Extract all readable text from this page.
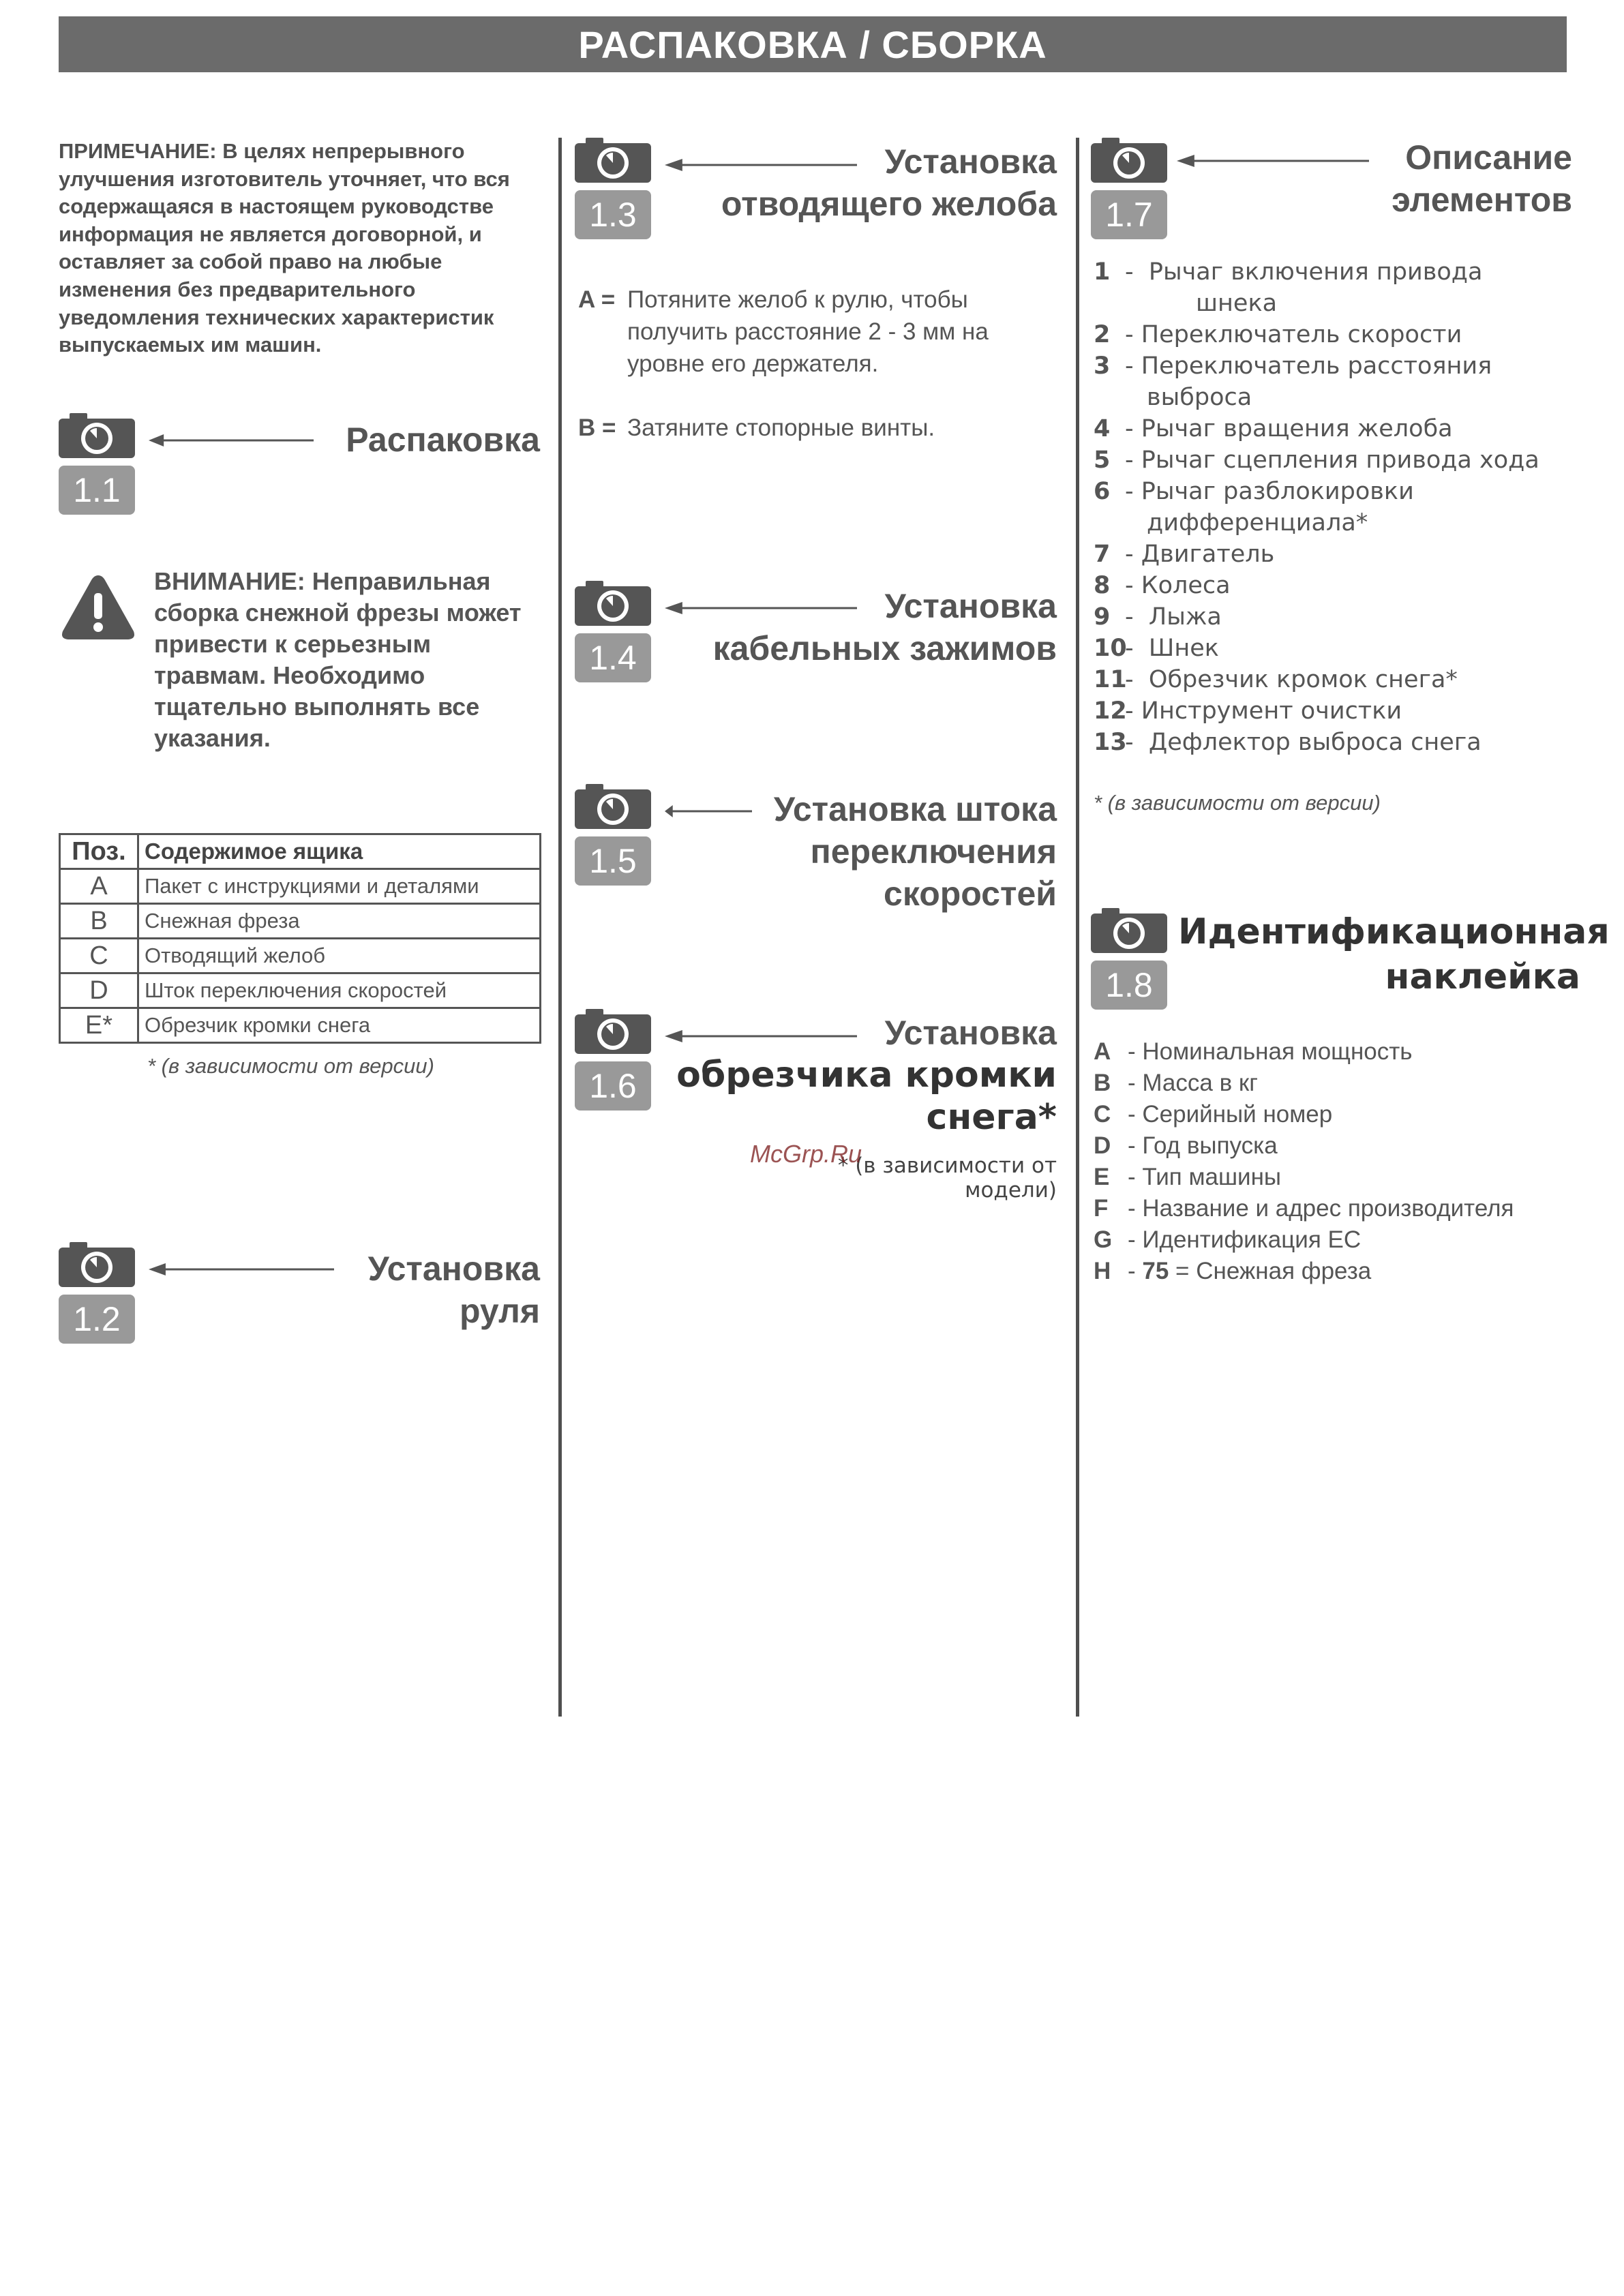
РАСПАКОВКА / СБОРКА
ПРИМЕЧАНИЕ: В целях непрерывного улучшения изготовитель уточняет, что вся содержащаяся в настоящем руководстве информация не является договорной, и оставляет за собой право на любые изменения без предварительного уведомления технических характеристик выпускаемых им машин.
1.1
Распаковка
ВНИМАНИЕ: Неправильная сборка снежной фрезы может привести к серьезным травмам. Необходимо тщательно выполнять все указания.
Поз.	Содержимое ящика
A	Пакет с инструкциями и деталями
B	Снежная фреза
C	Отводящий желоб
D	Шток переключения скоростей
E*	Обрезчик кромки снега
* (в зависимости от версии)
1.2
Установка
руля
1.3
Установка
отводящего желоба
A = Потяните желоб к рулю, чтобы получить расстояние 2 - 3 мм на уровне его держателя.
B = Затяните стопорные винты.
1.4
Установка
кабельных зажимов
1.5
Установка штока
переключения
скоростей
1.6
Установка
обрезчика кромки
снега*
* (в зависимости от модели)
McGrp.Ru
1.7
Описание
элементов
1 -  Рычаг включения привода
шнека
2 - Переключатель скорости
3 - Переключатель расстояния
выброса
4 - Рычаг вращения желоба
5 - Рычаг сцепления привода хода
6 - Рычаг разблокировки
дифференциала*
7 - Двигатель
8 - Колеса
9 -  Лыжа
10-  Шнек
11-  Обрезчик кромок снега*
12- Инструмент очистки
13-  Дефлектор выброса снега
* (в зависимости от версии)
1.8
Идентификационная
наклейка
A - Номинальная мощность
B - Масса в кг
C - Серийный номер
D - Год выпуска
E - Тип машины
F - Название и адрес производителя
G - Идентификация ЕС
H - 75 = Снежная фреза
